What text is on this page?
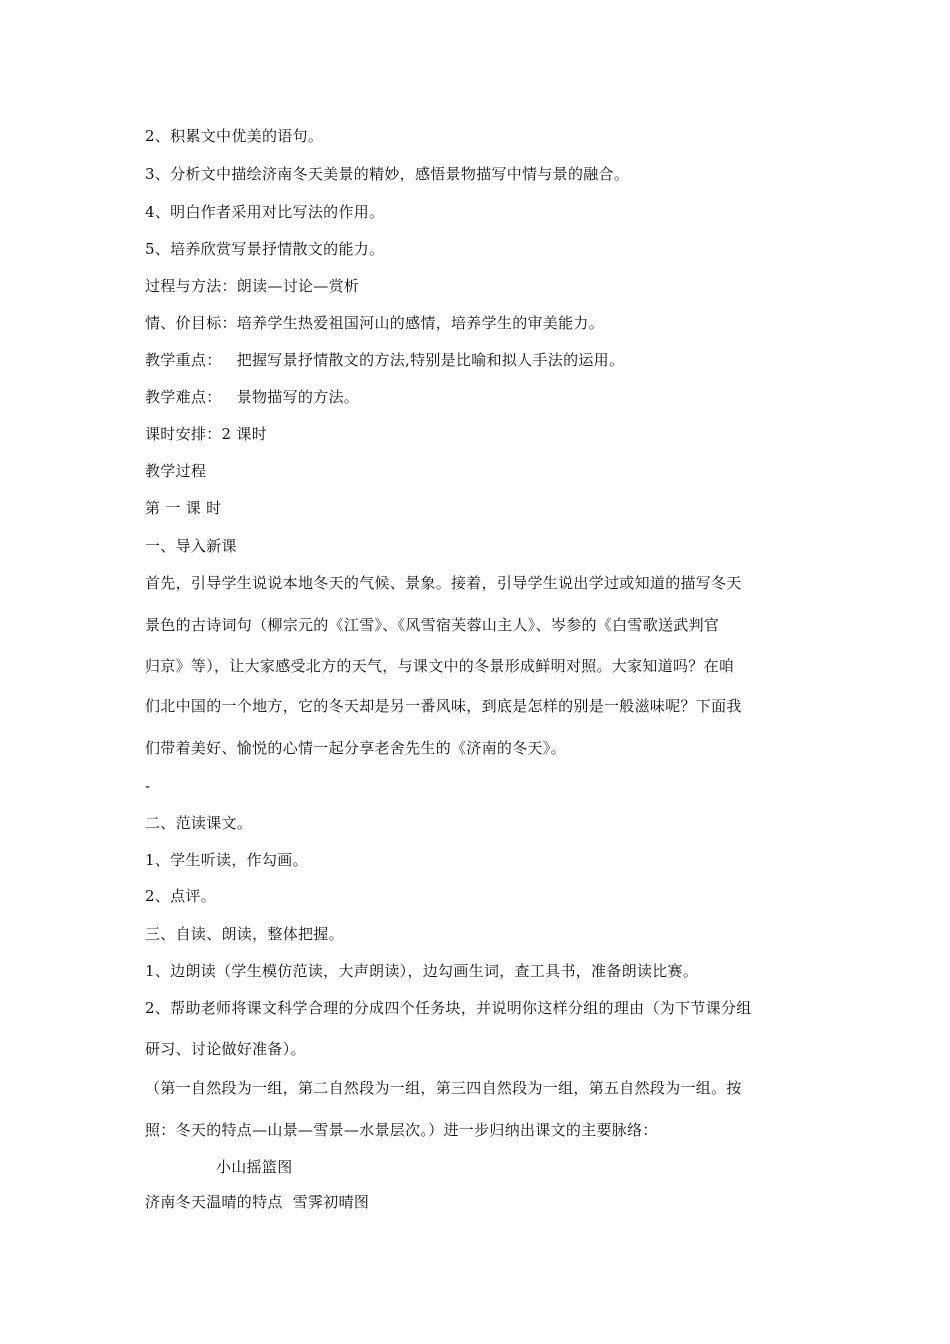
2、积累文中优美的语句。
3、分析文中描绘济南冬天美景的精妙，感悟景物描写中情与景的融合。
4、明白作者采用对比写法的作用。
5、培养欣赏写景抒情散文的能力。
过程与方法：朗读—讨论—赏析
情、价目标：培养学生热爱祖国河山的感情，培养学生的审美能力。
教学重点：   把握写景抒情散文的方法,特别是比喻和拟人手法的运用。
教学难点：   景物描写的方法。
课时安排：2 课时
教学过程
第 一 课 时
一、导入新课
首先，引导学生说说本地冬天的气候、景象。接着，引导学生说出学过或知道的描写冬天
景色的古诗词句（柳宗元的《江雪》、《风雪宿芙蓉山主人》、岑参的《白雪歌送武判官
归京》等），让大家感受北方的天气，与课文中的冬景形成鲜明对照。大家知道吗？在咱
们北中国的一个地方，它的冬天却是另一番风味，到底是怎样的别是一般滋味呢？下面我
们带着美好、愉悦的心情一起分享老舍先生的《济南的冬天》。
-
二、范读课文。
1、学生听读，作勾画。
2、点评。
三、自读、朗读，整体把握。
1、边朗读（学生模仿范读，大声朗读），边勾画生词，查工具书，准备朗读比赛。
2、帮助老师将课文科学合理的分成四个任务块，并说明你这样分组的理由（为下节课分组
研习、讨论做好准备）。
（第一自然段为一组，第二自然段为一组，第三四自然段为一组，第五自然段为一组。按
照：冬天的特点—山景—雪景—水景层次。）进一步归纳出课文的主要脉络：
小山摇篮图
济南冬天温晴的特点 雪霁初晴图
